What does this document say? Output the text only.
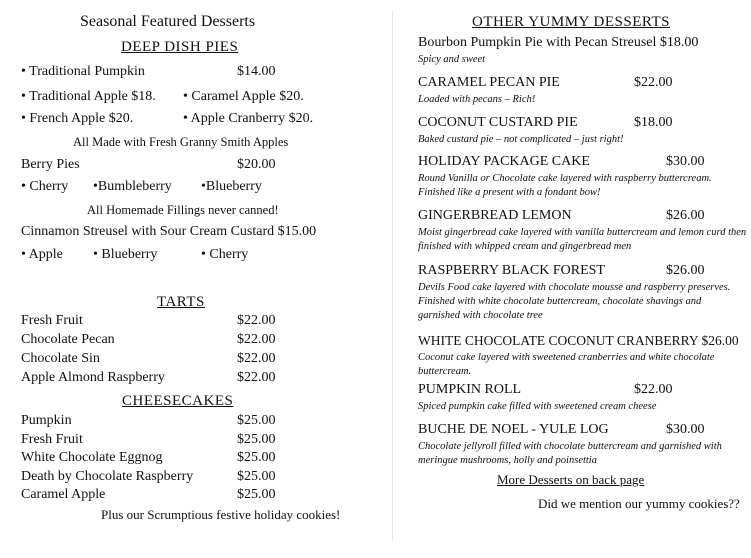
Seasonal Featured Desserts
DEEP DISH PIES
• Traditional Pumpkin	$14.00
• Traditional Apple $18. • Caramel Apple $20.
• French Apple $20.	• Apple Cranberry $20.
All Made with Fresh Granny Smith Apples
Berry Pies	$20.00
• Cherry •Bumbleberry •Blueberry
All Homemade Fillings never canned!
Cinnamon Streusel with Sour Cream Custard $15.00
• Apple • Blueberry	• Cherry
TARTS
Fresh Fruit	$22.00
Chocolate Pecan	$22.00
Chocolate Sin	$22.00
Apple Almond Raspberry	$22.00
CHEESECAKES
Pumpkin	$25.00
Fresh Fruit	$25.00
White Chocolate Eggnog	$25.00
Death by Chocolate Raspberry	$25.00
Caramel Apple	$25.00
Plus our Scrumptious festive holiday cookies!
OTHER YUMMY DESSERTS
Bourbon Pumpkin Pie with Pecan Streusel $18.00
Spicy and sweet
CARAMEL PECAN PIE	$22.00
Loaded with pecans – Rich!
COCONUT CUSTARD PIE	$18.00
Baked custard pie – not complicated – just right!
HOLIDAY PACKAGE CAKE	$30.00
Round Vanilla or Chocolate cake layered with raspberry buttercream. Finished like a present with a fondant bow!
GINGERBREAD LEMON	$26.00
Moist gingerbread cake layered with vanilla buttercream and lemon curd then finished with whipped cream and gingerbread men
RASPBERRY BLACK FOREST	$26.00
Devils Food cake layered with chocolate mousse and raspberry preserves. Finished with white chocolate buttercream, chocolate shavings and garnished with chocolate tree
WHITE CHOCOLATE COCONUT CRANBERRY $26.00
Coconut cake layered with sweetened cranberries and white chocolate buttercream.
PUMPKIN ROLL	$22.00
Spiced pumpkin cake filled with sweetened cream cheese
BUCHE DE NOEL - YULE LOG	$30.00
Chocolate jellyroll filled with chocolate buttercream and garnished with meringue mushrooms, holly and poinsettia
More Desserts on back page
Did we mention our yummy cookies??
